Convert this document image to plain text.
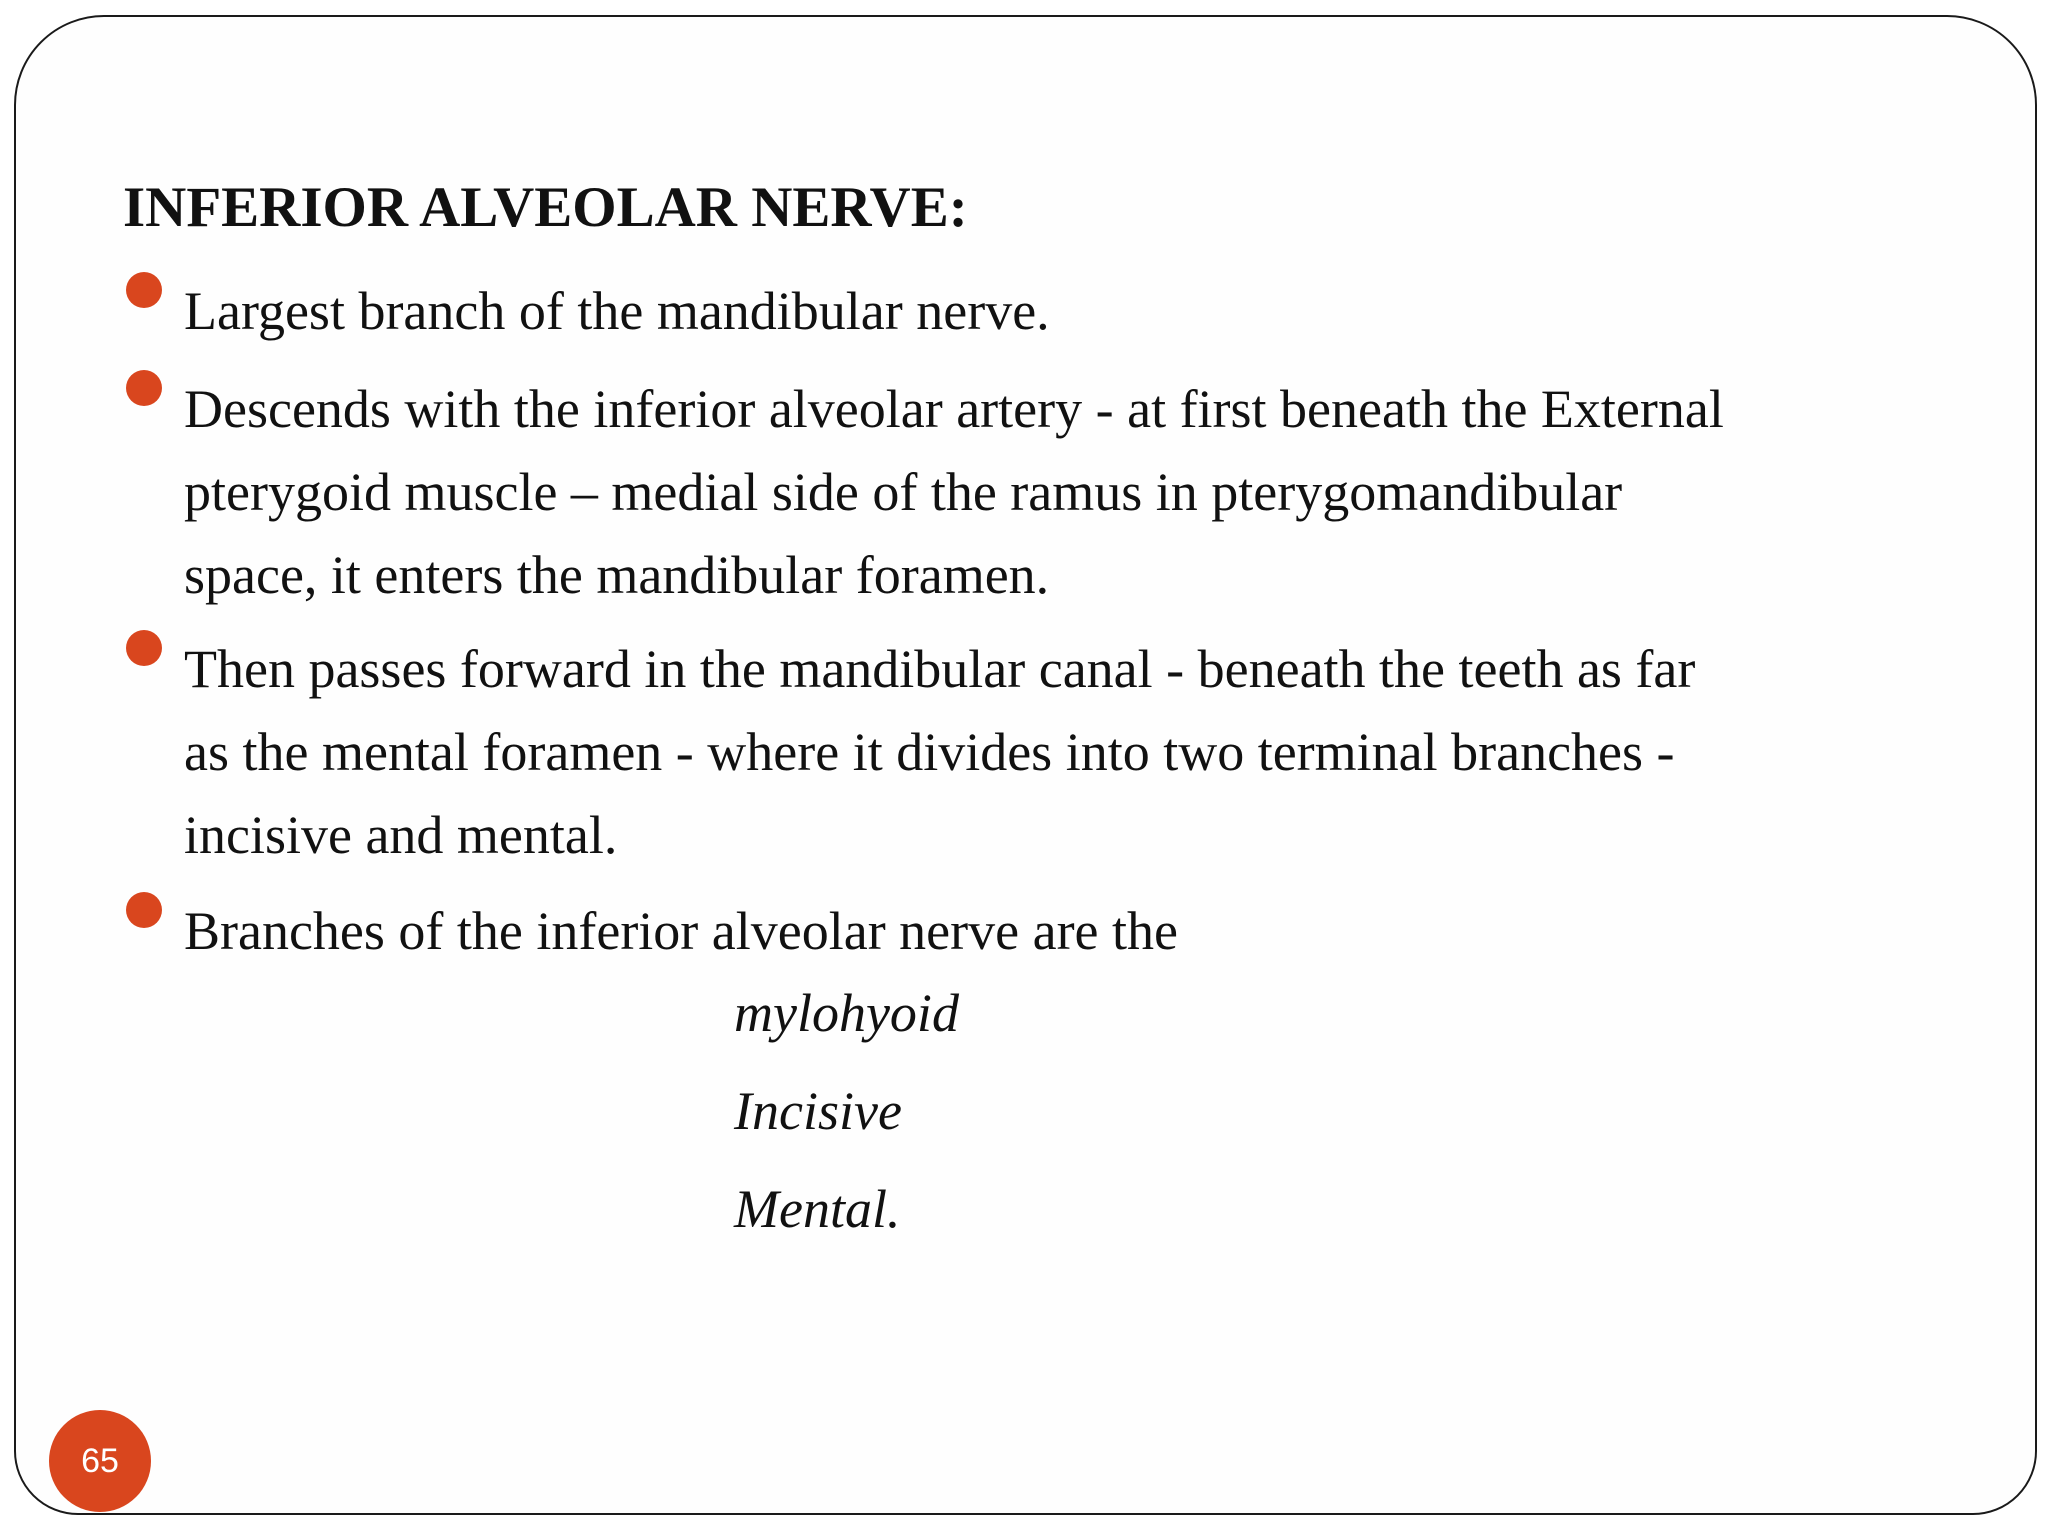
INFERIOR ALVEOLAR NERVE:
Largest branch of the mandibular nerve.
Descends with the inferior alveolar artery - at first beneath the External
pterygoid muscle – medial side of the ramus in pterygomandibular
space, it enters the mandibular foramen.
Then passes forward in the mandibular canal - beneath the teeth as far
as the mental foramen - where it divides into two terminal branches -
incisive and mental.
Branches of the inferior alveolar nerve are the
mylohyoid
Incisive
Mental.
65
